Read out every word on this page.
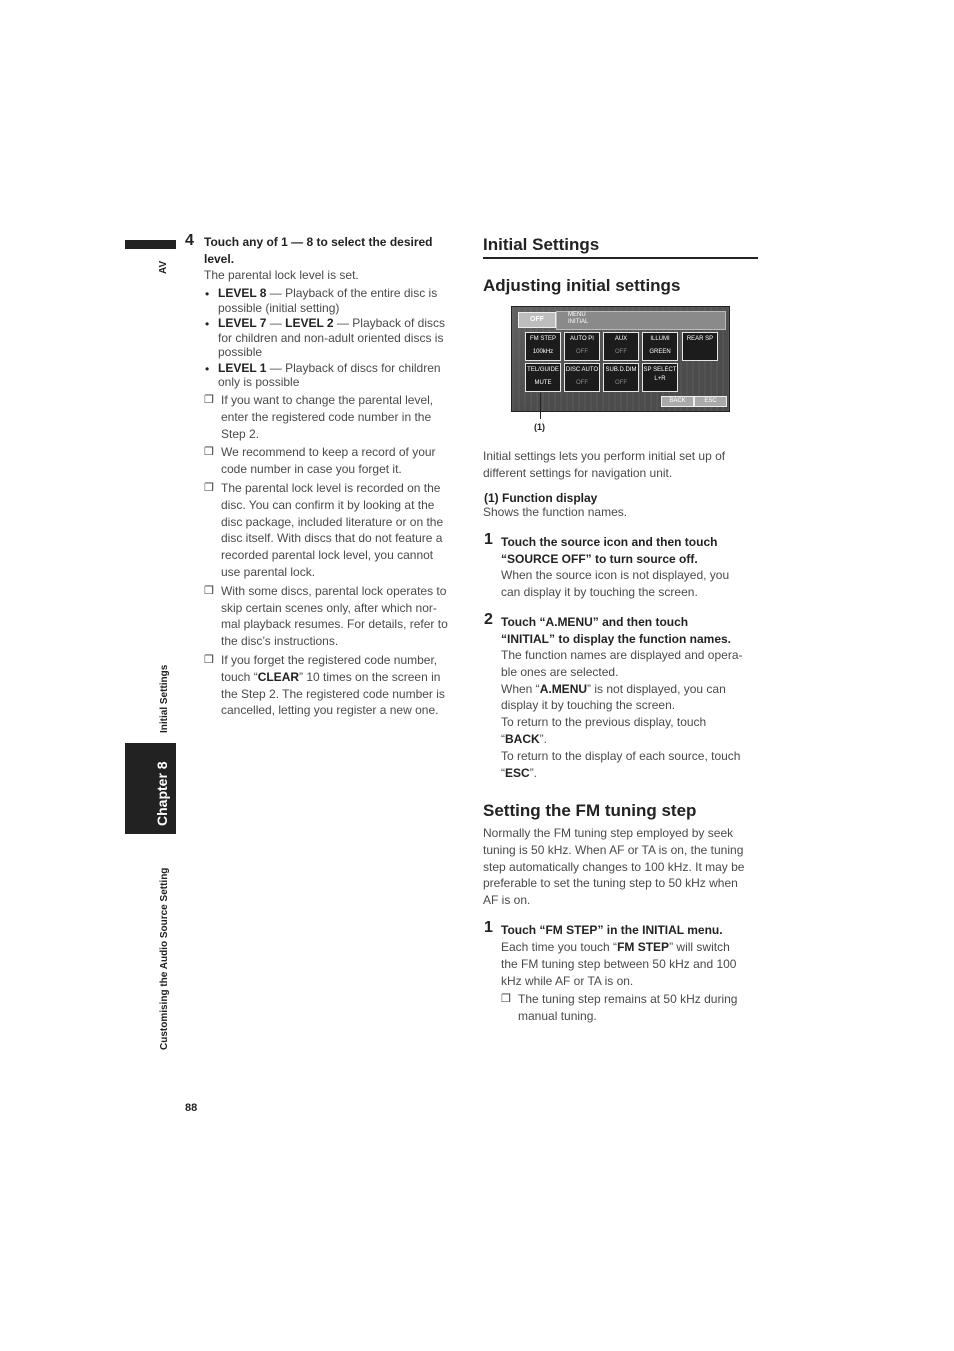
AV
Chapter 8
Initial Settings
Customising the Audio Source Setting
88
4 Touch any of 1 — 8 to select the desired
level.
The parental lock level is set.
• LEVEL 8 — Playback of the entire disc is
possible (initial setting)
• LEVEL 7 — LEVEL 2 — Playback of discs
for children and non-adult oriented discs is
possible
• LEVEL 1 — Playback of discs for children
only is possible
❒ If you want to change the parental level,
enter the registered code number in the
Step 2.
❒ We recommend to keep a record of your
code number in case you forget it.
❒ The parental lock level is recorded on the
disc. You can confirm it by looking at the
disc package, included literature or on the
disc itself. With discs that do not feature a
recorded parental lock level, you cannot
use parental lock.
❒ With some discs, parental lock operates to
skip certain scenes only, after which nor-
mal playback resumes. For details, refer to
the disc’s instructions.
❒ If you forget the registered code number,
touch “CLEAR” 10 times on the screen in
the Step 2. The registered code number is
cancelled, letting you register a new one.
Initial Settings
Adjusting initial settings
OFF
MENU
INITIAL
FM STEP
100kHz
AUTO PI
OFF
AUX
OFF
ILLUMI
GREEN
REAR SP
TEL/GUIDE
MUTE
DISC AUTO
OFF
SUB.D.DIM
OFF
SP SELECT
L+R
BACK	ESC
(1)
Initial settings lets you perform initial set up of
different settings for navigation unit.
(1) Function display
Shows the function names.
1 Touch the source icon and then touch
“SOURCE OFF” to turn source off.
When the source icon is not displayed, you
can display it by touching the screen.
2 Touch “A.MENU” and then touch
“INITIAL” to display the function names.
The function names are displayed and opera-
ble ones are selected.
When “A.MENU” is not displayed, you can
display it by touching the screen.
To return to the previous display, touch
“BACK”.
To return to the display of each source, touch
“ESC”.
Setting the FM tuning step
Normally the FM tuning step employed by seek
tuning is 50 kHz. When AF or TA is on, the tuning
step automatically changes to 100 kHz. It may be
preferable to set the tuning step to 50 kHz when
AF is on.
1 Touch “FM STEP” in the INITIAL menu.
Each time you touch “FM STEP” will switch
the FM tuning step between 50 kHz and 100
kHz while AF or TA is on.
❒ The tuning step remains at 50 kHz during
manual tuning.
